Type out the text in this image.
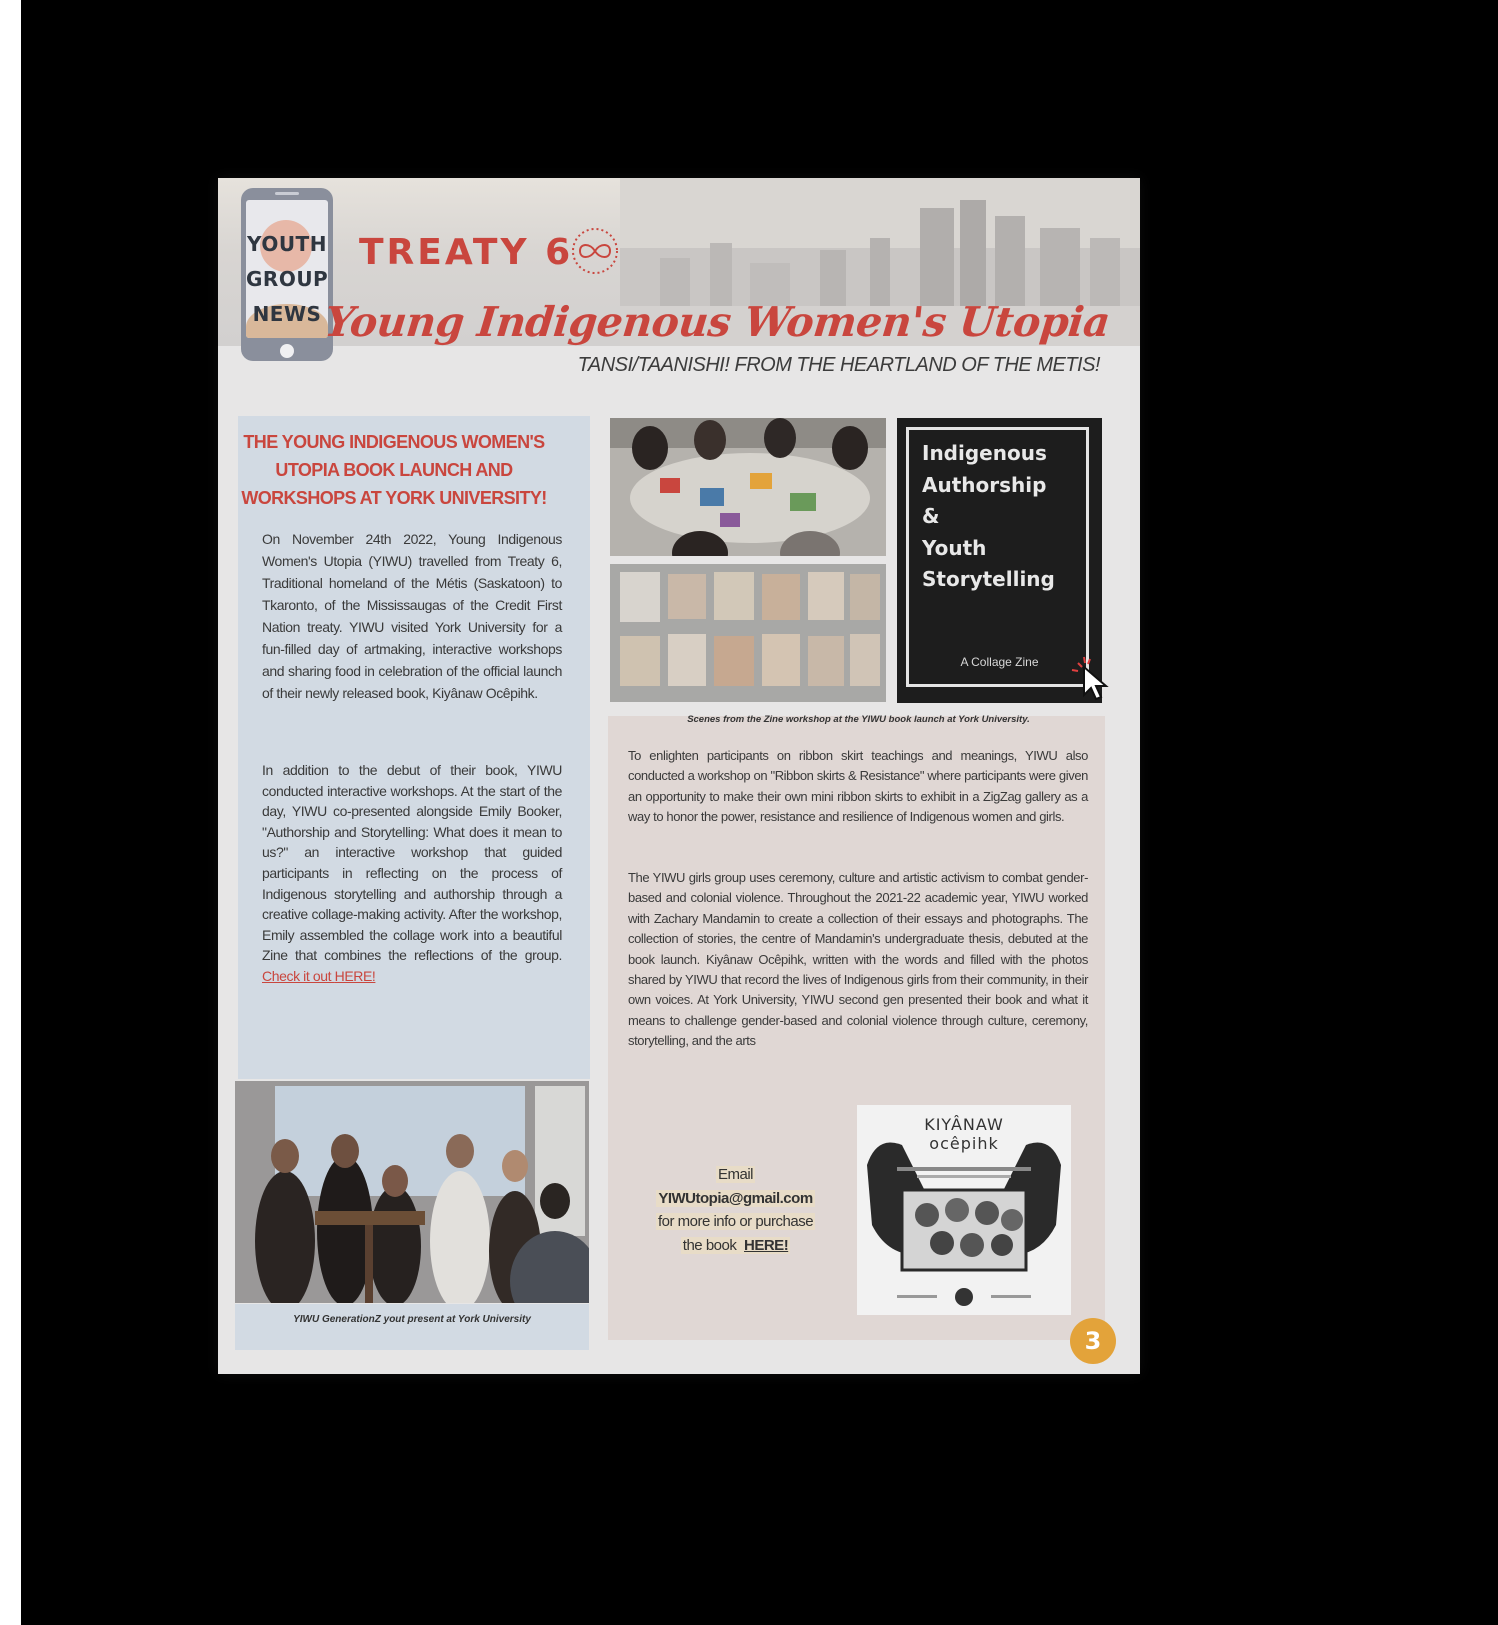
YOUTH
GROUP
NEWS
TREATY 6
Young Indigenous Women's Utopia
TANSI/TAANISHI! FROM THE HEARTLAND OF THE METIS!
THE YOUNG INDIGENOUS WOMEN'S
UTOPIA BOOK LAUNCH AND
WORKSHOPS AT YORK UNIVERSITY!
On November 24th 2022, Young Indigenous Women's Utopia (YIWU) travelled from Treaty 6, Traditional homeland of the Métis (Saskatoon) to Tkaronto, of the Mississaugas of the Credit First Nation treaty. YIWU visited York University for a fun-filled day of artmaking, interactive workshops and sharing food in celebration of the official launch of their newly released book, Kiyânaw Ocêpihk.
In addition to the debut of their book, YIWU conducted interactive workshops. At the start of the day, YIWU co-presented alongside Emily Booker, "Authorship and Storytelling: What does it mean to us?" an interactive workshop that guided participants in reflecting on the process of Indigenous storytelling and authorship through a creative collage-making activity. After the workshop, Emily assembled the collage work into a beautiful Zine that combines the reflections of the group. Check it out HERE!
YIWU GenerationZ yout present at York University
Indigenous
Authorship
&
Youth
Storytelling
A Collage Zine
Scenes from the Zine workshop at the YIWU book launch at York University.
To enlighten participants on ribbon skirt teachings and meanings, YIWU also conducted a workshop on "Ribbon skirts & Resistance" where participants were given an opportunity to make their own mini ribbon skirts to exhibit in a ZigZag gallery as a way to honor the power, resistance and resilience of Indigenous women and girls.
The YIWU girls group uses ceremony, culture and artistic activism to combat gender-based and colonial violence. Throughout the 2021-22 academic year, YIWU worked with Zachary Mandamin to create a collection of their essays and photographs. The collection of stories, the centre of Mandamin's undergraduate thesis, debuted at the book launch. Kiyânaw Ocêpihk, written with the words and filled with the photos shared by YIWU that record the lives of Indigenous girls from their community, in their own voices. At York University, YIWU second gen presented their book and what it means to challenge gender-based and colonial violence through culture, ceremony, storytelling, and the arts
Email
YIWUtopia@gmail.com
for more info or purchase
the book HERE!
KIYÂNAW
ocêpihk
3
